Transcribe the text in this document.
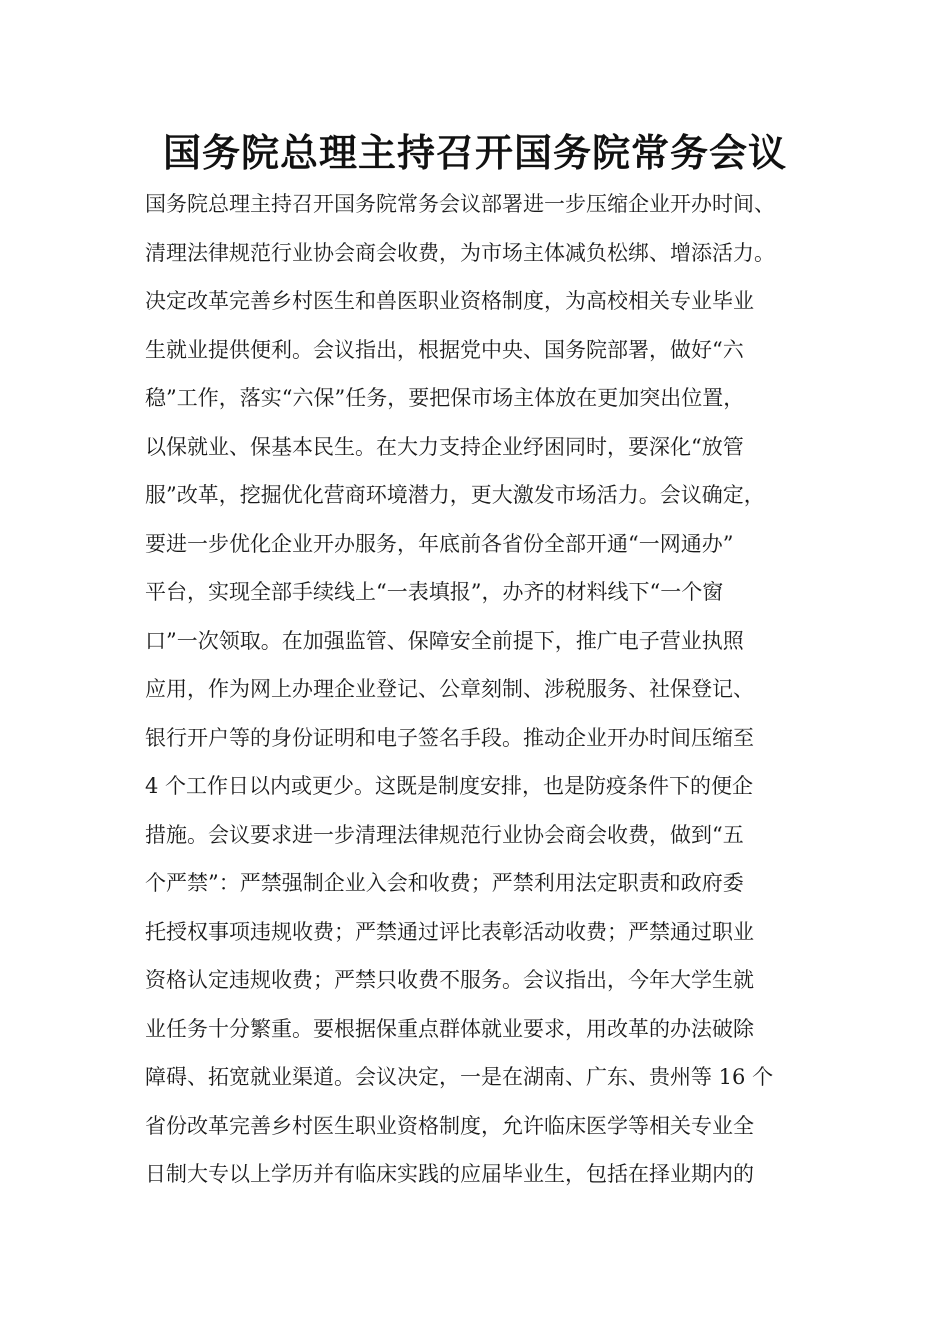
国务院总理主持召开国务院常务会议
国务院总理主持召开国务院常务会议部署进一步压缩企业开办时间、
清理法律规范行业协会商会收费，为市场主体减负松绑、增添活力。
决定改革完善乡村医生和兽医职业资格制度，为高校相关专业毕业
生就业提供便利。会议指出，根据党中央、国务院部署，做好“六
稳”工作，落实“六保”任务，要把保市场主体放在更加突出位置，
以保就业、保基本民生。在大力支持企业纾困同时，要深化“放管
服”改革，挖掘优化营商环境潜力，更大激发市场活力。会议确定，
要进一步优化企业开办服务，年底前各省份全部开通“一网通办”
平台，实现全部手续线上“一表填报”，办齐的材料线下“一个窗
口”一次领取。在加强监管、保障安全前提下，推广电子营业执照
应用，作为网上办理企业登记、公章刻制、涉税服务、社保登记、
银行开户等的身份证明和电子签名手段。推动企业开办时间压缩至
4 个工作日以内或更少。这既是制度安排，也是防疫条件下的便企
措施。会议要求进一步清理法律规范行业协会商会收费，做到“五
个严禁”：严禁强制企业入会和收费；严禁利用法定职责和政府委
托授权事项违规收费；严禁通过评比表彰活动收费；严禁通过职业
资格认定违规收费；严禁只收费不服务。会议指出，今年大学生就
业任务十分繁重。要根据保重点群体就业要求，用改革的办法破除
障碍、拓宽就业渠道。会议决定，一是在湖南、广东、贵州等 16 个
省份改革完善乡村医生职业资格制度，允许临床医学等相关专业全
日制大专以上学历并有临床实践的应届毕业生，包括在择业期内的
